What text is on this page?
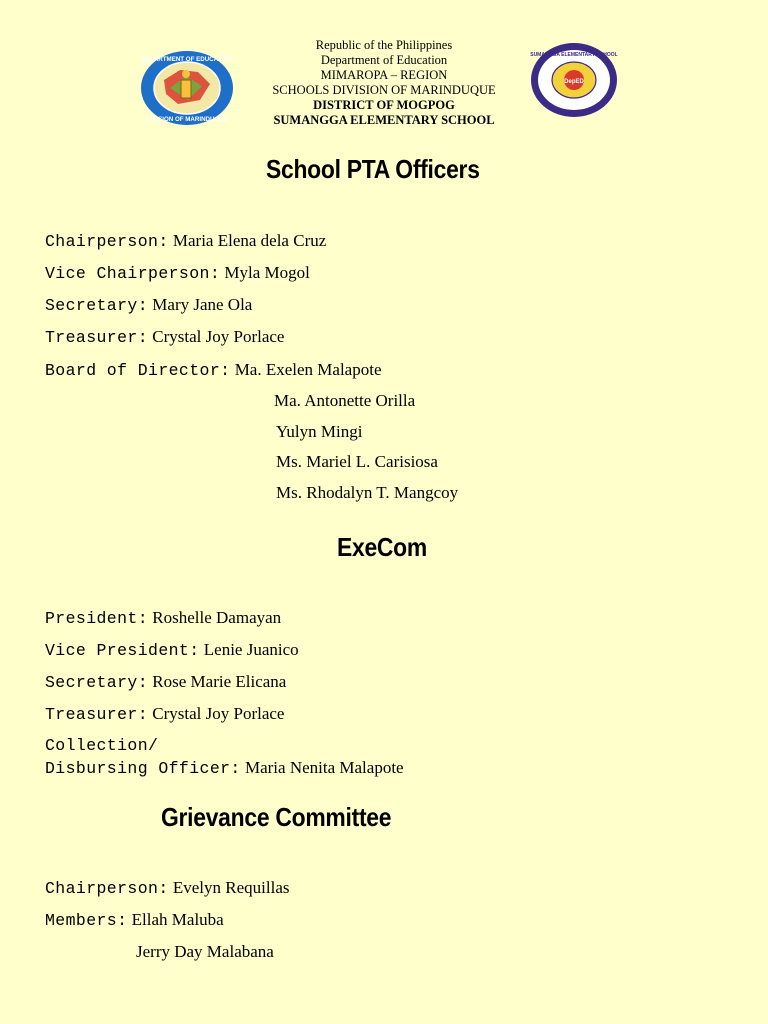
DEPARTMENT OF EDUCATION
DIVISION OF MARINDUQUE
Republic of the Philippines
Department of Education
MIMAROPA – REGION
SCHOOLS DIVISION OF MARINDUQUE
DISTRICT OF MOGPOG
SUMANGGA ELEMENTARY SCHOOL
DepED
SUMANGGA ELEMENTARY SCHOOL
School PTA Officers
Chairperson: Maria Elena dela Cruz
Vice Chairperson: Myla Mogol
Secretary: Mary Jane Ola
Treasurer: Crystal Joy Porlace
Board of Director: Ma. Exelen Malapote
Ma. Antonette Orilla
Yulyn Mingi
Ms. Mariel L. Carisiosa
Ms. Rhodalyn T. Mangcoy
ExeCom
President: Roshelle Damayan
Vice President: Lenie Juanico
Secretary: Rose Marie Elicana
Treasurer: Crystal Joy Porlace
Collection/
Disbursing Officer: Maria Nenita Malapote
Grievance Committee
Chairperson: Evelyn Requillas
Members: Ellah Maluba
Jerry Day Malabana
